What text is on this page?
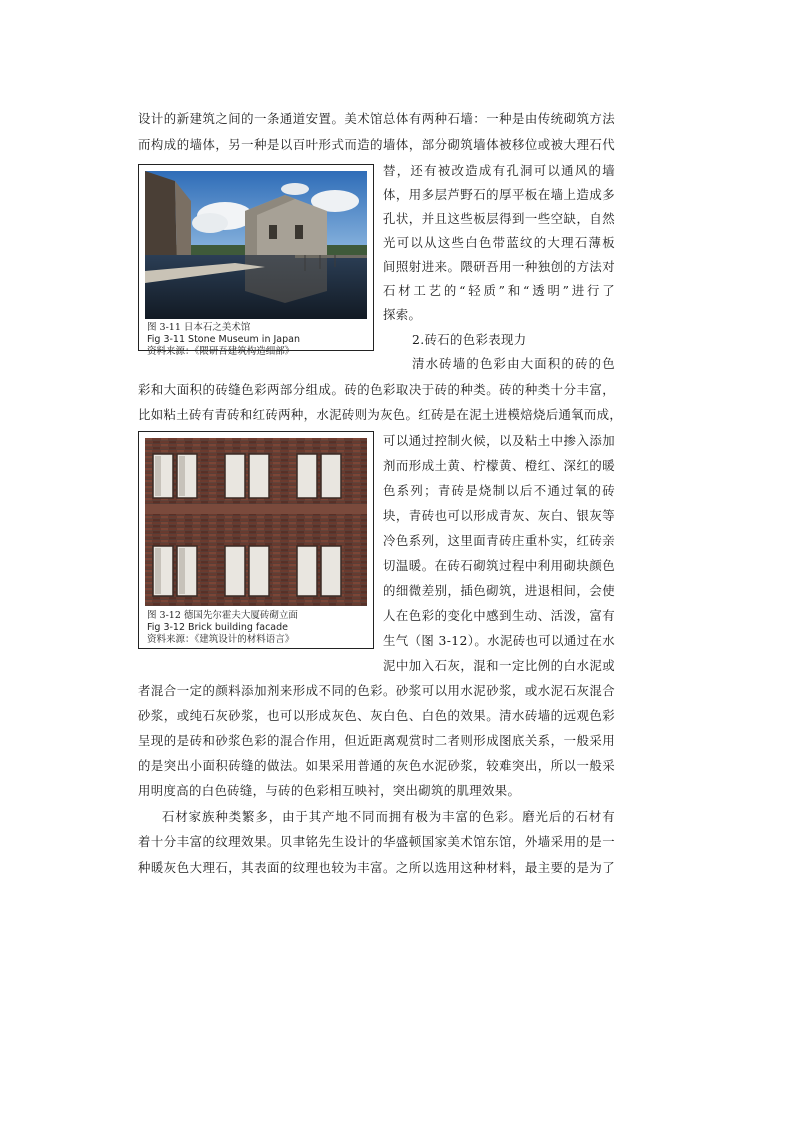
设计的新建筑之间的一条通道安置。美术馆总体有两种石墙：一种是由传统砌筑方法
而构成的墙体，另一种是以百叶形式而造的墙体，部分砌筑墙体被移位或被大理石代
替，还有被改造成有孔洞可以通风的墙
体，用多层芦野石的厚平板在墙上造成多
孔状，并且这些板层得到一些空缺，自然
光可以从这些白色带蓝纹的大理石薄板
间照射进来。隈研吾用一种独创的方法对
石材工艺的“轻质”和“透明”进行了
探索。
2.砖石的色彩表现力
清水砖墙的色彩由大面积的砖的色
彩和大面积的砖缝色彩两部分组成。砖的色彩取决于砖的种类。砖的种类十分丰富，
比如粘土砖有青砖和红砖两种，水泥砖则为灰色。红砖是在泥土进模焙烧后通氧而成，
可以通过控制火候，以及粘土中掺入添加
剂而形成土黄、柠檬黄、橙红、深红的暖
色系列；青砖是烧制以后不通过氧的砖
块，青砖也可以形成青灰、灰白、银灰等
冷色系列，这里面青砖庄重朴实，红砖亲
切温暖。在砖石砌筑过程中利用砌块颜色
的细微差别，插色砌筑，进退相间，会使
人在色彩的变化中感到生动、活泼，富有
生气（图 3-12）。水泥砖也可以通过在水
泥中加入石灰，混和一定比例的白水泥或
者混合一定的颜料添加剂来形成不同的色彩。砂浆可以用水泥砂浆，或水泥石灰混合
砂浆，或纯石灰砂浆，也可以形成灰色、灰白色、白色的效果。清水砖墙的远观色彩
呈现的是砖和砂浆色彩的混合作用，但近距离观赏时二者则形成图底关系，一般采用
的是突出小面积砖缝的做法。如果采用普通的灰色水泥砂浆，较难突出，所以一般采
用明度高的白色砖缝，与砖的色彩相互映衬，突出砌筑的肌理效果。
石材家族种类繁多，由于其产地不同而拥有极为丰富的色彩。磨光后的石材有
着十分丰富的纹理效果。贝聿铭先生设计的华盛顿国家美术馆东馆，外墙采用的是一
种暖灰色大理石，其表面的纹理也较为丰富。之所以选用这种材料，最主要的是为了
图 3-11 日本石之美术馆
Fig 3-11 Stone Museum in Japan
资料来源：《隈研吾建筑构造细部》
图 3-12 德国先尔霍夫大厦砖砌立面
Fig 3-12 Brick building facade
资料来源：《建筑设计的材料语言》
